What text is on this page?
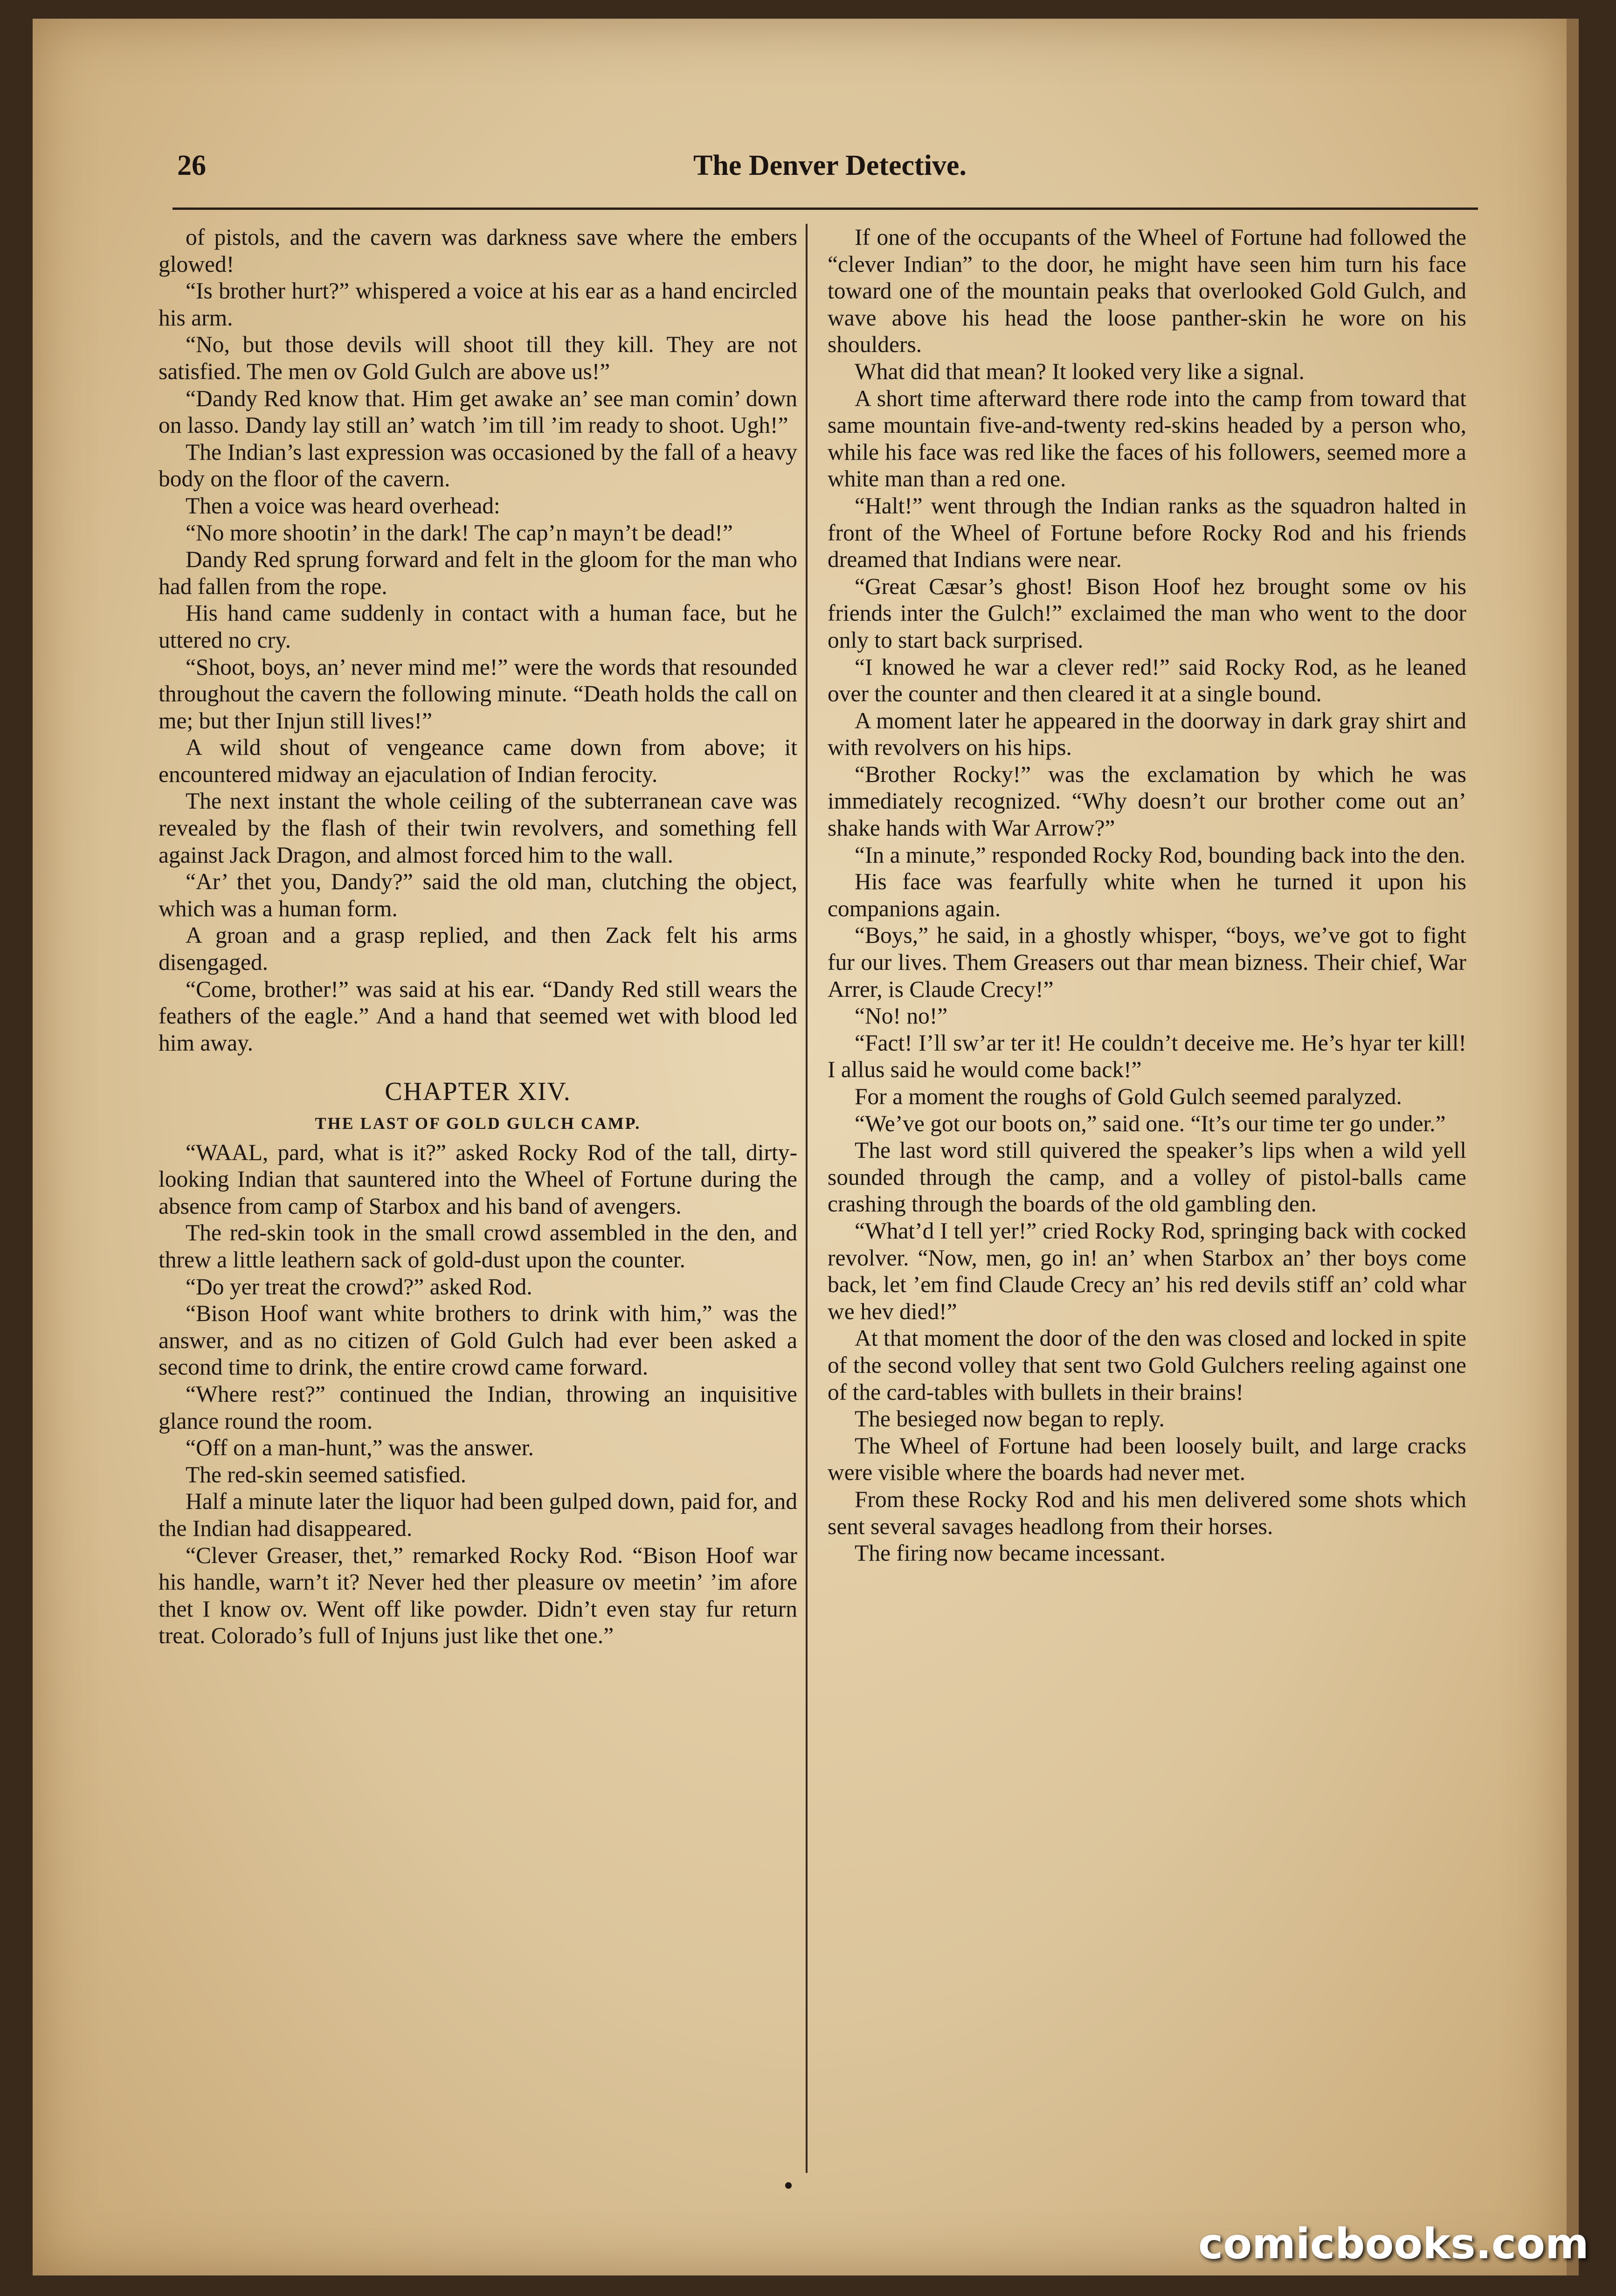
26	The Denver Detective.

of pistols, and the cavern was darkness save where the embers glowed!

“Is brother hurt?” whispered a voice at his ear as a hand encircled his arm.

“No, but those devils will shoot till they kill. They are not satisfied. The men ov Gold Gulch are above us!”

“Dandy Red know that. Him get awake an’ see man comin’ down on lasso. Dandy lay still an’ watch ’im till ’im ready to shoot. Ugh!”

The Indian’s last expression was occasioned by the fall of a heavy body on the floor of the cavern.

Then a voice was heard overhead:

“No more shootin’ in the dark! The cap’n mayn’t be dead!”

Dandy Red sprung forward and felt in the gloom for the man who had fallen from the rope.

His hand came suddenly in contact with a human face, but he uttered no cry.

“Shoot, boys, an’ never mind me!” were the words that resounded throughout the cavern the following minute. “Death holds the call on me; but ther Injun still lives!”

A wild shout of vengeance came down from above; it encountered midway an ejaculation of Indian ferocity.

The next instant the whole ceiling of the subterranean cave was revealed by the flash of their twin revolvers, and something fell against Jack Dragon, and almost forced him to the wall.

“Ar’ thet you, Dandy?” said the old man, clutching the object, which was a human form.

A groan and a grasp replied, and then Zack felt his arms disengaged.

“Come, brother!” was said at his ear. “Dandy Red still wears the feathers of the eagle.” And a hand that seemed wet with blood led him away.

CHAPTER XIV.
THE LAST OF GOLD GULCH CAMP.

“WAAL, pard, what is it?” asked Rocky Rod of the tall, dirty-looking Indian that sauntered into the Wheel of Fortune during the absence from camp of Starbox and his band of avengers.

The red-skin took in the small crowd assembled in the den, and threw a little leathern sack of gold-dust upon the counter.

“Do yer treat the crowd?” asked Rod.

“Bison Hoof want white brothers to drink with him,” was the answer, and as no citizen of Gold Gulch had ever been asked a second time to drink, the entire crowd came forward.

“Where rest?” continued the Indian, throwing an inquisitive glance round the room.

“Off on a man-hunt,” was the answer.

The red-skin seemed satisfied.

Half a minute later the liquor had been gulped down, paid for, and the Indian had disappeared.

“Clever Greaser, thet,” remarked Rocky Rod. “Bison Hoof war his handle, warn’t it? Never hed ther pleasure ov meetin’ ’im afore thet I know ov. Went off like powder. Didn’t even stay fur return treat. Colorado’s full of Injuns just like thet one.”

If one of the occupants of the Wheel of Fortune had followed the “clever Indian” to the door, he might have seen him turn his face toward one of the mountain peaks that overlooked Gold Gulch, and wave above his head the loose panther-skin he wore on his shoulders.

What did that mean? It looked very like a signal.

A short time afterward there rode into the camp from toward that same mountain five-and-twenty red-skins headed by a person who, while his face was red like the faces of his followers, seemed more a white man than a red one.

“Halt!” went through the Indian ranks as the squadron halted in front of the Wheel of Fortune before Rocky Rod and his friends dreamed that Indians were near.

“Great Cæsar’s ghost! Bison Hoof hez brought some ov his friends inter the Gulch!” exclaimed the man who went to the door only to start back surprised.

“I knowed he war a clever red!” said Rocky Rod, as he leaned over the counter and then cleared it at a single bound.

A moment later he appeared in the doorway in dark gray shirt and with revolvers on his hips.

“Brother Rocky!” was the exclamation by which he was immediately recognized. “Why doesn’t our brother come out an’ shake hands with War Arrow?”

“In a minute,” responded Rocky Rod, bounding back into the den.

His face was fearfully white when he turned it upon his companions again.

“Boys,” he said, in a ghostly whisper, “boys, we’ve got to fight fur our lives. Them Greasers out thar mean bizness. Their chief, War Arrer, is Claude Crecy!”

“No! no!”

“Fact! I’ll sw’ar ter it! He couldn’t deceive me. He’s hyar ter kill! I allus said he would come back!”

For a moment the roughs of Gold Gulch seemed paralyzed.

“We’ve got our boots on,” said one. “It’s our time ter go under.”

The last word still quivered the speaker’s lips when a wild yell sounded through the camp, and a volley of pistol-balls came crashing through the boards of the old gambling den.

“What’d I tell yer!” cried Rocky Rod, springing back with cocked revolver. “Now, men, go in! an’ when Starbox an’ ther boys come back, let ’em find Claude Crecy an’ his red devils stiff an’ cold whar we hev died!”

At that moment the door of the den was closed and locked in spite of the second volley that sent two Gold Gulchers reeling against one of the card-tables with bullets in their brains!

The besieged now began to reply.

The Wheel of Fortune had been loosely built, and large cracks were visible where the boards had never met.

From these Rocky Rod and his men delivered some shots which sent several savages headlong from their horses.

The firing now became incessant.

comicbooks.com
